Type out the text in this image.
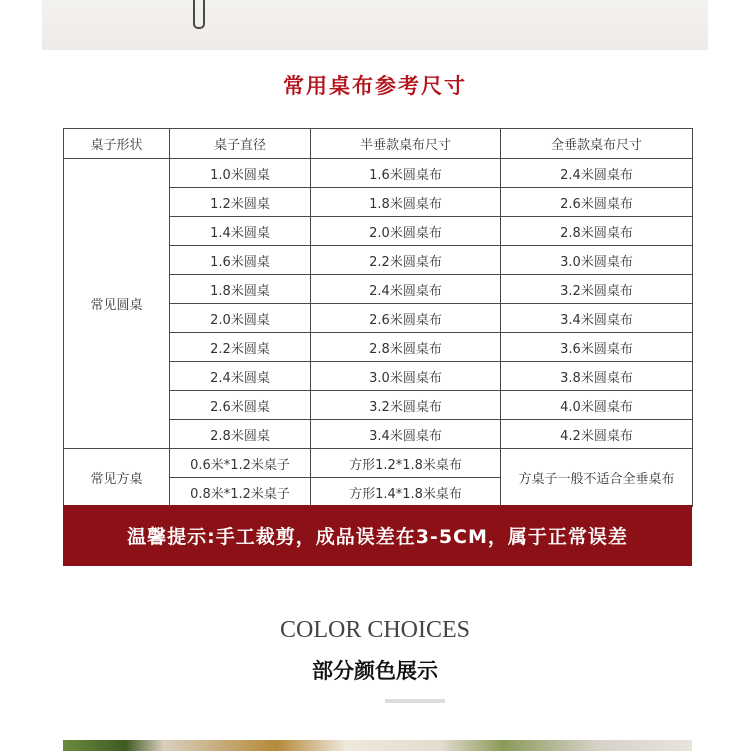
常用桌布参考尺寸
桌子形状	桌子直径	半垂款桌布尺寸	全垂款桌布尺寸
常见圆桌	1.0米圆桌	1.6米圆桌布	2.4米圆桌布
	1.2米圆桌	1.8米圆桌布	2.6米圆桌布
	1.4米圆桌	2.0米圆桌布	2.8米圆桌布
	1.6米圆桌	2.2米圆桌布	3.0米圆桌布
	1.8米圆桌	2.4米圆桌布	3.2米圆桌布
	2.0米圆桌	2.6米圆桌布	3.4米圆桌布
	2.2米圆桌	2.8米圆桌布	3.6米圆桌布
	2.4米圆桌	3.0米圆桌布	3.8米圆桌布
	2.6米圆桌	3.2米圆桌布	4.0米圆桌布
	2.8米圆桌	3.4米圆桌布	4.2米圆桌布
常见方桌	0.6米*1.2米桌子	方形1.2*1.8米桌布	方桌子一般不适合全垂桌布
	0.8米*1.2米桌子	方形1.4*1.8米桌布	
温馨提示:手工裁剪，成品误差在3-5CM，属于正常误差
COLOR CHOICES
部分颜色展示
